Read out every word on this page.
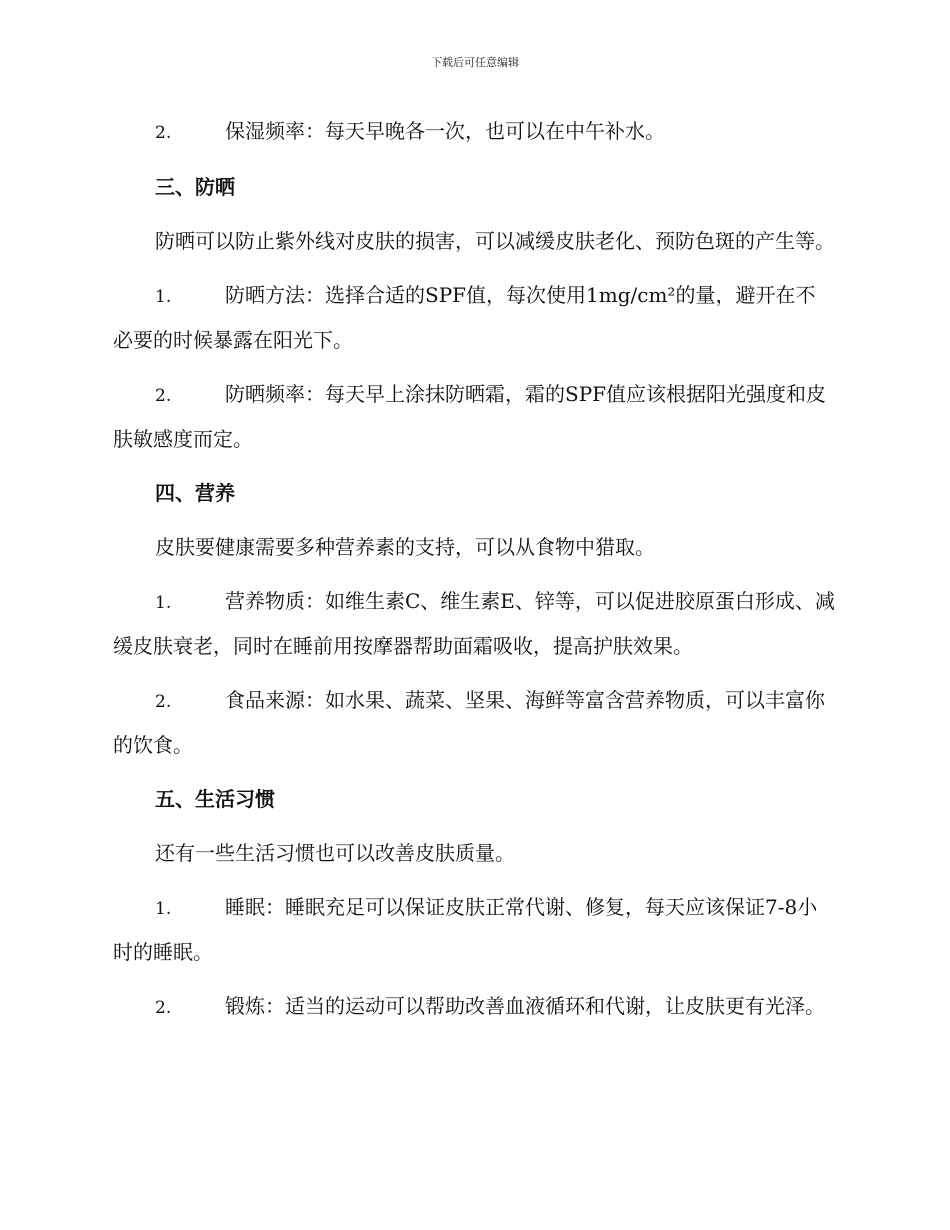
下载后可任意编辑

2.	保湿频率：每天早晚各一次，也可以在中午补水。

三、防晒

防晒可以防止紫外线对皮肤的损害，可以减缓皮肤老化、预防色斑的产生等。

1.	防晒方法：选择合适的SPF值，每次使用1mg/cm²的量，避开在不必要的时候暴露在阳光下。

2.	防晒频率：每天早上涂抹防晒霜，霜的SPF值应该根据阳光强度和皮肤敏感度而定。

四、营养

皮肤要健康需要多种营养素的支持，可以从食物中猎取。

1.	营养物质：如维生素C、维生素E、锌等，可以促进胶原蛋白形成、减缓皮肤衰老，同时在睡前用按摩器帮助面霜吸收，提高护肤效果。

2.	食品来源：如水果、蔬菜、坚果、海鲜等富含营养物质，可以丰富你的饮食。

五、生活习惯

还有一些生活习惯也可以改善皮肤质量。

1.	睡眠：睡眠充足可以保证皮肤正常代谢、修复，每天应该保证7-8小时的睡眠。

2.	锻炼：适当的运动可以帮助改善血液循环和代谢，让皮肤更有光泽。
